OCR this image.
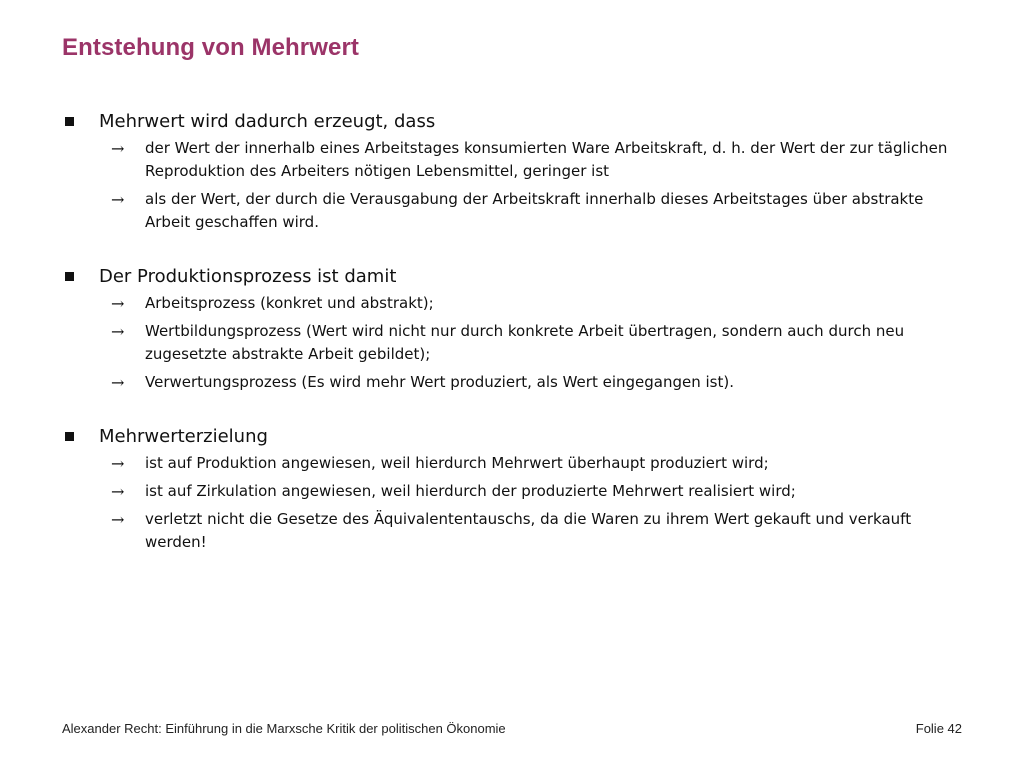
Entstehung von Mehrwert
Mehrwert wird dadurch erzeugt, dass
→ der Wert der innerhalb eines Arbeitstages konsumierten Ware Arbeitskraft, d. h. der Wert der zur täglichen Reproduktion des Arbeiters nötigen Lebensmittel, geringer ist
→ als der Wert, der durch die Verausgabung der Arbeitskraft innerhalb dieses Arbeitstages über abstrakte Arbeit geschaffen wird.
Der Produktionsprozess ist damit
→ Arbeitsprozess (konkret und abstrakt);
→ Wertbildungsprozess (Wert wird nicht nur durch konkrete Arbeit übertragen, sondern auch durch neu zugesetzte abstrakte Arbeit gebildet);
→ Verwertungsprozess (Es wird mehr Wert produziert, als Wert eingegangen ist).
Mehrwerterzielung
→ ist auf Produktion angewiesen, weil hierdurch Mehrwert überhaupt produziert wird;
→ ist auf Zirkulation angewiesen, weil hierdurch der produzierte Mehrwert realisiert wird;
→ verletzt nicht die Gesetze des Äquivalententauschs, da die Waren zu ihrem Wert gekauft und verkauft werden!
Alexander Recht: Einführung in die Marxsche Kritik der politischen Ökonomie	Folie 42
